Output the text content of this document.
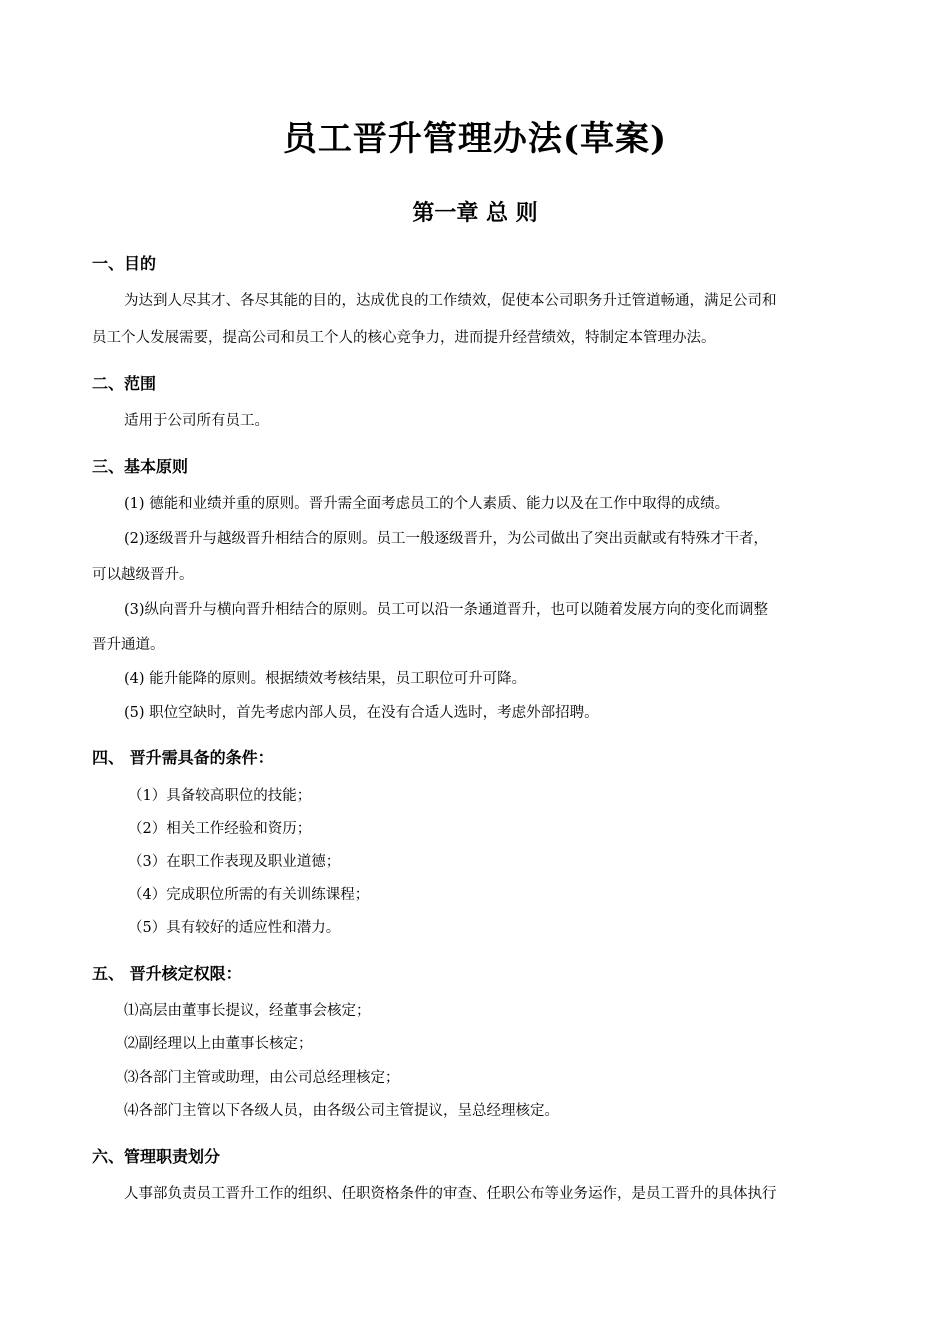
员工晋升管理办法(草案)
第一章 总 则
一、目的
为达到人尽其才、各尽其能的目的，达成优良的工作绩效，促使本公司职务升迁管道畅通，满足公司和
员工个人发展需要，提高公司和员工个人的核心竞争力，进而提升经营绩效，特制定本管理办法。
二、范围
适用于公司所有员工。
三、基本原则
(1) 德能和业绩并重的原则。晋升需全面考虑员工的个人素质、能力以及在工作中取得的成绩。
(2)逐级晋升与越级晋升相结合的原则。员工一般逐级晋升，为公司做出了突出贡献或有特殊才干者，
可以越级晋升。
(3)纵向晋升与横向晋升相结合的原则。员工可以沿一条通道晋升，也可以随着发展方向的变化而调整
晋升通道。
(4) 能升能降的原则。根据绩效考核结果，员工职位可升可降。
(5) 职位空缺时，首先考虑内部人员，在没有合适人选时，考虑外部招聘。
四、 晋升需具备的条件：
（1）具备较高职位的技能；
（2）相关工作经验和资历；
（3）在职工作表现及职业道德；
（4）完成职位所需的有关训练课程；
（5）具有较好的适应性和潜力。
五、 晋升核定权限：
⑴高层由董事长提议，经董事会核定；
⑵副经理以上由董事长核定；
⑶各部门主管或助理，由公司总经理核定；
⑷各部门主管以下各级人员，由各级公司主管提议，呈总经理核定。
六、管理职责划分
人事部负责员工晋升工作的组织、任职资格条件的审查、任职公布等业务运作，是员工晋升的具体执行
